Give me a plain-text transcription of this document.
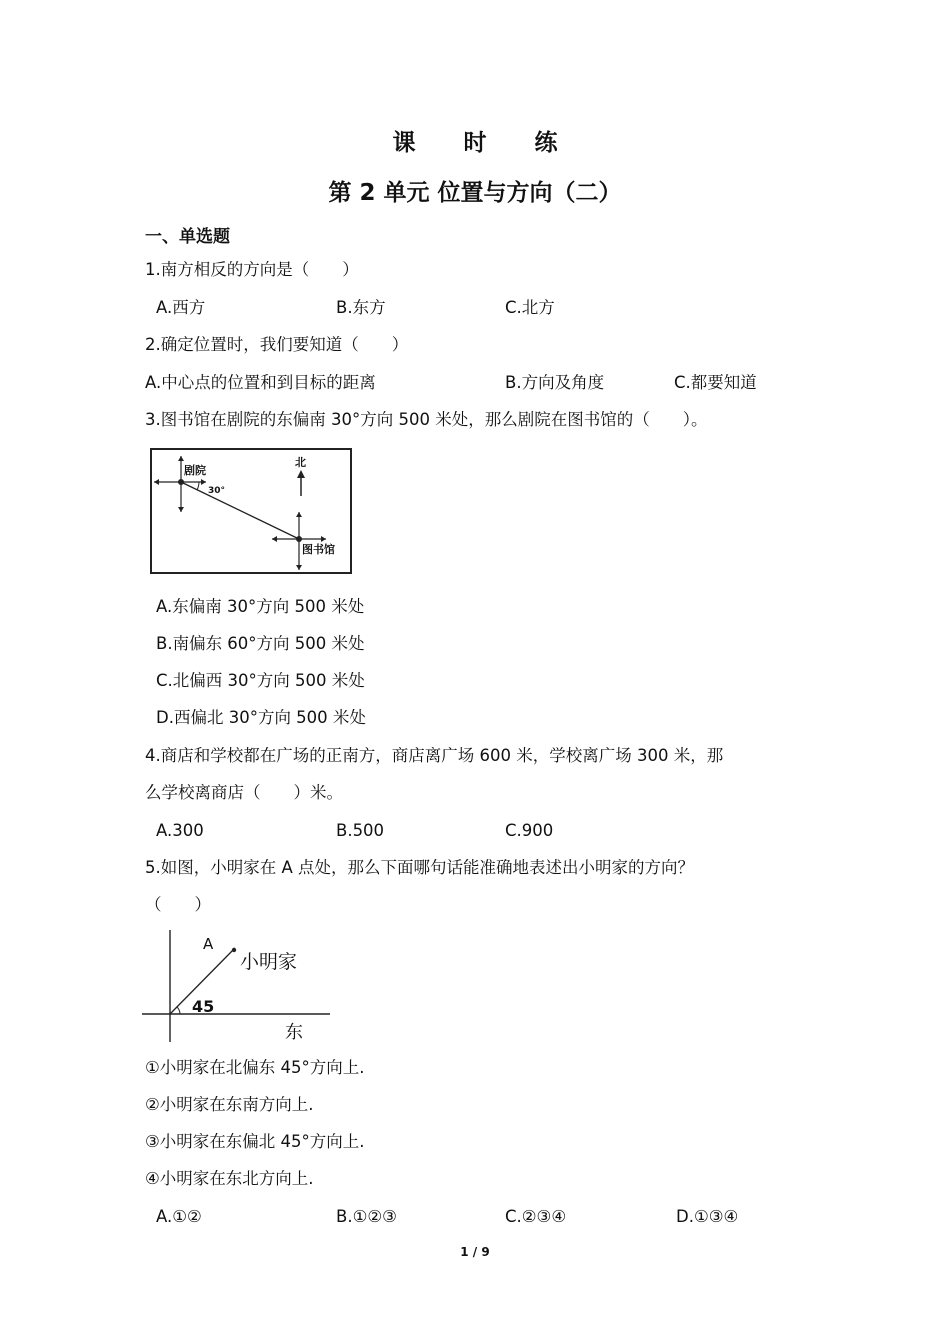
课 时 练
第 2 单元 位置与方向（二）
一、单选题
1.南方相反的方向是（　　）
A.西方	B.东方	C.北方
2.确定位置时，我们要知道（　　）
A.中心点的位置和到目标的距离	B.方向及角度	C.都要知道
3.图书馆在剧院的东偏南 30°方向 500 米处，那么剧院在图书馆的（　　）。
剧院
30°
北
图书馆
A.东偏南 30°方向 500 米处
B.南偏东 60°方向 500 米处
C.北偏西 30°方向 500 米处
D.西偏北 30°方向 500 米处
4.商店和学校都在广场的正南方，商店离广场 600 米，学校离广场 300 米，那
么学校离商店（　　）米。
A.300	B.500	C.900
5.如图，小明家在 A 点处，那么下面哪句话能准确地表述出小明家的方向？
（　　）
A
小明家
45
东
①小明家在北偏东 45°方向上.
②小明家在东南方向上.
③小明家在东偏北 45°方向上.
④小明家在东北方向上.
A.①②	B.①②③	C.②③④	D.①③④
1 / 9
